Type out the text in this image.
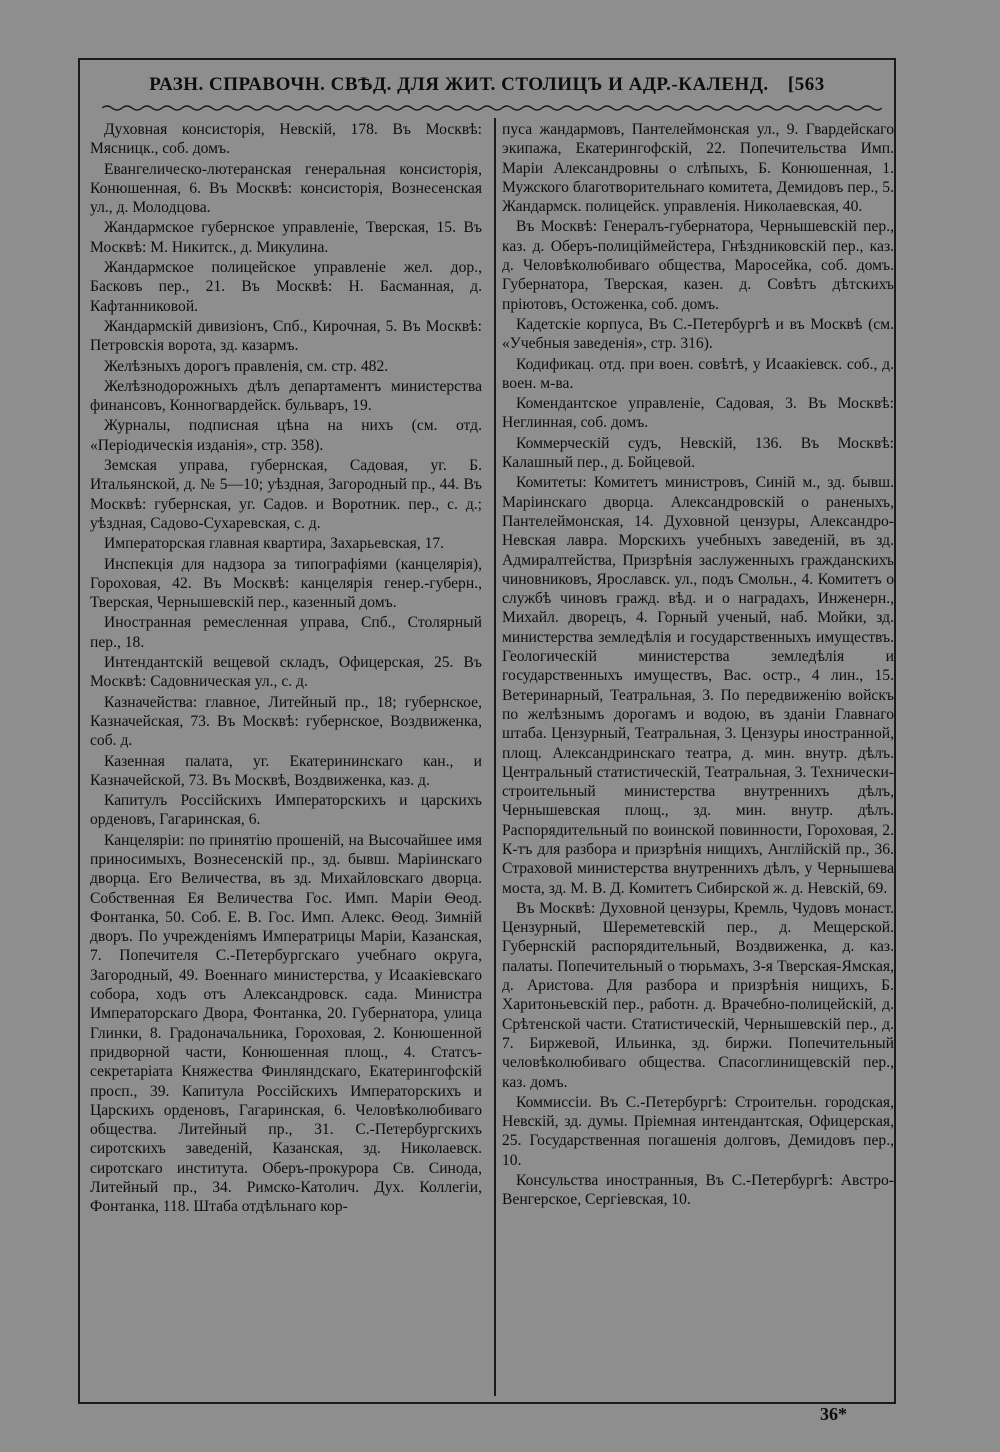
РАЗН. СПРАВОЧН. СВѢД. ДЛЯ ЖИТ. СТОЛИЦЪ И АДР.-КАЛЕНД. [563

Духовная консисторія, Невскій, 178. Въ Москвѣ: Мясницк., соб. домъ.

Евангелическо-лютеранская генеральная консисторія, Конюшенная, 6. Въ Москвѣ: консисторія, Вознесенская ул., д. Молодцова.

Жандармское губернское управленіе, Тверская, 15. Въ Москвѣ: М. Никитск., д. Микулина.

Жандармское полицейское управленіе жел. дор., Басковъ пер., 21. Въ Москвѣ: Н. Басманная, д. Кафтанниковой.

Жандармскій дивизіонъ, Спб., Кирочная, 5. Въ Москвѣ: Петровскія ворота, зд. казармъ.

Желѣзныхъ дорогъ правленія, см. стр. 482.

Желѣзнодорожныхъ дѣлъ департаментъ министерства финансовъ, Конногвардейск. бульваръ, 19.

Журналы, подписная цѣна на нихъ (см. отд. «Періодическія изданія», стр. 358).

Земская управа, губернская, Садовая, уг. Б. Итальянской, д. № 5—10; уѣздная, Загородный пр., 44. Въ Москвѣ: губернская, уг. Садов. и Воротник. пер., с. д.; уѣздная, Садово-Сухаревская, с. д.

Императорская главная квартира, Захарьевская, 17.

Инспекція для надзора за типографіями (канцелярія), Гороховая, 42. Въ Москвѣ: канцелярія генер.-губерн., Тверская, Чернышевскій пер., казенный домъ.

Иностранная ремесленная управа, Спб., Столярный пер., 18.

Интендантскій вещевой складъ, Офицерская, 25. Въ Москвѣ: Садовническая ул., с. д.

Казначейства: главное, Литейный пр., 18; губернское, Казначейская, 73. Въ Москвѣ: губернское, Воздвиженка, соб. д.

Казенная палата, уг. Екатерининскаго кан., и Казначейской, 73. Въ Москвѣ, Воздвиженка, каз. д.

Капитулъ Россійскихъ Императорскихъ и царскихъ орденовъ, Гагаринская, 6.

Канцеляріи: по принятію прошеній, на Высочайшее имя приносимыхъ, Вознесенскій пр., зд. бывш. Маріинскаго дворца. Его Величества, въ зд. Михайловскаго дворца. Собственная Ея Величества Гос. Имп. Маріи Ѳеод. Фонтанка, 50. Соб. Е. В. Гос. Имп. Алекс. Ѳеод. Зимній дворъ. По учрежденіямъ Императрицы Маріи, Казанская, 7. Попечителя С.-Петербургскаго учебнаго округа, Загородный, 49. Военнаго министерства, у Исаакіевскаго собора, ходъ отъ Александровск. сада. Министра Императорскаго Двора, Фонтанка, 20. Губернатора, улица Глинки, 8. Градоначальника, Гороховая, 2. Конюшенной придворной части, Конюшенная площ., 4. Статсъ-секретаріата Княжества Финляндскаго, Екатерингофскій просп., 39. Капитула Россійскихъ Императорскихъ и Царскихъ орденовъ, Гагаринская, 6. Человѣколюбиваго общества. Литейный пр., 31. С.-Петербургскихъ сиротскихъ заведеній, Казанская, зд. Николаевск. сиротскаго института. Оберъ-прокурора Св. Синода, Литейный пр., 34. Римско-Католич. Дух. Коллегіи, Фонтанка, 118. Штаба отдѣльнаго кор-

пуса жандармовъ, Пантелеймонская ул., 9. Гвардейскаго экипажа, Екатерингофскій, 22. Попечительства Имп. Маріи Александровны о слѣпыхъ, Б. Конюшенная, 1. Мужского благотворительнаго комитета, Демидовъ пер., 5. Жандармск. полицейск. управленія. Николаевская, 40.

Въ Москвѣ: Генералъ-губернатора, Чернышевскій пер., каз. д. Оберъ-полиціймейстера, Гнѣздниковскій пер., каз. д. Человѣколюбиваго общества, Маросейка, соб. домъ. Губернатора, Тверская, казен. д. Совѣтъ дѣтскихъ пріютовъ, Остоженка, соб. домъ.

Кадетскіе корпуса, Въ С.-Петербургѣ и въ Москвѣ (см. «Учебныя заведенія», стр. 316).

Кодификац. отд. при воен. совѣтѣ, у Исаакіевск. соб., д. воен. м-ва.

Комендантское управленіе, Садовая, 3. Въ Москвѣ: Неглинная, соб. домъ.

Коммерческій судъ, Невскій, 136. Въ Москвѣ: Калашный пер., д. Бойцевой.

Комитеты: Комитетъ министровъ, Синій м., зд. бывш. Маріинскаго дворца. Александровскій о раненыхъ, Пантелеймонская, 14. Духовной цензуры, Александро-Невская лавра. Морскихъ учебныхъ заведеній, въ зд. Адмиралтейства, Призрѣнія заслуженныхъ гражданскихъ чиновниковъ, Ярославск. ул., подъ Смольн., 4. Комитетъ о службѣ чиновъ гражд. вѣд. и о наградахъ, Инженерн., Михайл. дворецъ, 4. Горный ученый, наб. Мойки, зд. министерства земледѣлія и государственныхъ имуществъ. Геологическій министерства земледѣлія и государственныхъ имуществъ, Вас. остр., 4 лин., 15. Ветеринарный, Театральная, 3. По передвиженію войскъ по желѣзнымъ дорогамъ и водою, въ зданіи Главнаго штаба. Цензурный, Театральная, 3. Цензуры иностранной, площ. Александринскаго театра, д. мин. внутр. дѣлъ. Центральный статистическій, Театральная, 3. Технически-строительный министерства внутреннихъ дѣлъ, Чернышевская площ., зд. мин. внутр. дѣлъ. Распорядительный по воинской повинности, Гороховая, 2. К-тъ для разбора и призрѣнія нищихъ, Англійскій пр., 36. Страховой министерства внутреннихъ дѣлъ, у Чернышева моста, зд. М. В. Д. Комитетъ Сибирской ж. д. Невскій, 69.

Въ Москвѣ: Духовной цензуры, Кремль, Чудовъ монаст. Цензурный, Шереметевскій пер., д. Мещерской. Губернскій распорядительный, Воздвиженка, д. каз. палаты. Попечительный о тюрьмахъ, 3-я Тверская-Ямская, д. Аристова. Для разбора и призрѣнія нищихъ, Б. Харитоньевскій пер., работн. д. Врачебно-полицейскій, д. Срѣтенской части. Статистическій, Чернышевскій пер., д. 7. Биржевой, Ильинка, зд. биржи. Попечительный человѣколюбиваго общества. Спасоглинищевскій пер., каз. домъ.

Коммиссіи. Въ С.-Петербургѣ: Строительн. городская, Невскій, зд. думы. Пріемная интендантская, Офицерская, 25. Государственная погашенія долговъ, Демидовъ пер., 10.

Консульства иностранныя, Въ С.-Петербургѣ: Австро-Венгерское, Сергіевская, 10.

36*
